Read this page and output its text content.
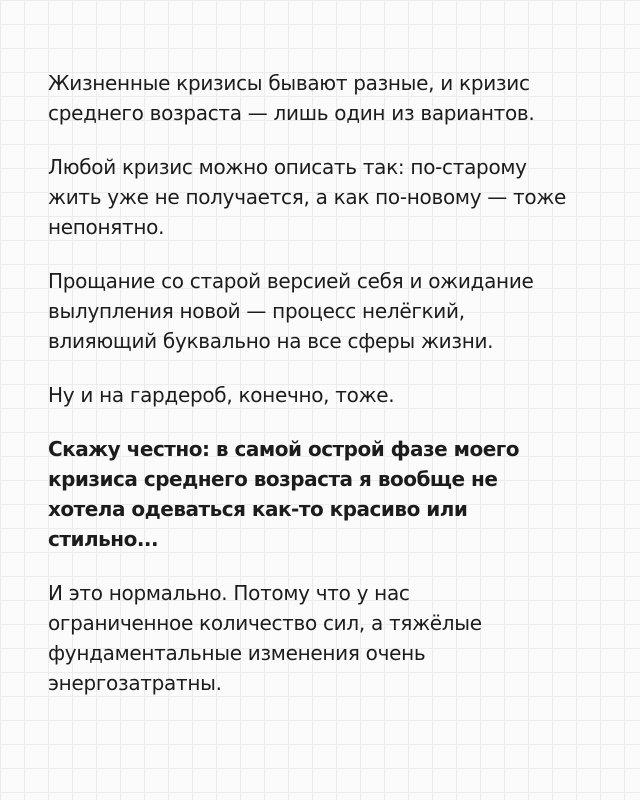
Жизненные кризисы бывают разные, и кризис
среднего возраста — лишь один из вариантов.

Любой кризис можно описать так: по-старому
жить уже не получается, а как по-новому — тоже
непонятно.

Прощание со старой версией себя и ожидание
вылупления новой — процесс нелёгкий,
влияющий буквально на все сферы жизни.

Ну и на гардероб, конечно, тоже.

Скажу честно: в самой острой фазе моего
кризиса среднего возраста я вообще не
хотела одеваться как-то красиво или
стильно...

И это нормально. Потому что у нас
ограниченное количество сил, а тяжёлые
фундаментальные изменения очень
энергозатратны.
